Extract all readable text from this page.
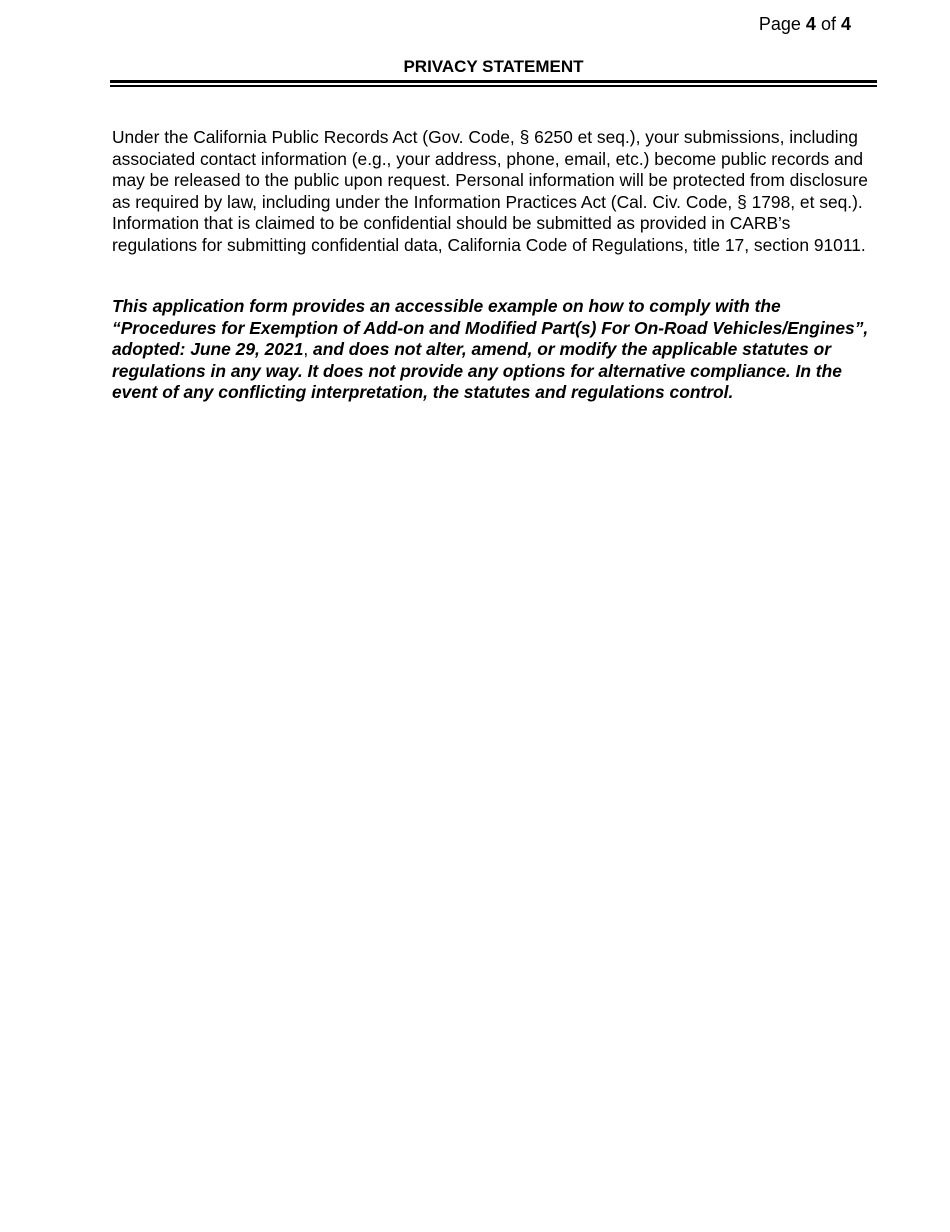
Page 4 of 4
PRIVACY STATEMENT

Under the California Public Records Act (Gov. Code, § 6250 et seq.), your submissions, including associated contact information (e.g., your address, phone, email, etc.) become public records and may be released to the public upon request. Personal information will be protected from disclosure as required by law, including under the Information Practices Act (Cal. Civ. Code, § 1798, et seq.). Information that is claimed to be confidential should be submitted as provided in CARB’s regulations for submitting confidential data, California Code of Regulations, title 17, section 91011.

This application form provides an accessible example on how to comply with the “Procedures for Exemption of Add-on and Modified Part(s) For On-Road Vehicles/Engines”, adopted: June 29, 2021, and does not alter, amend, or modify the applicable statutes or regulations in any way. It does not provide any options for alternative compliance. In the event of any conflicting interpretation, the statutes and regulations control.
